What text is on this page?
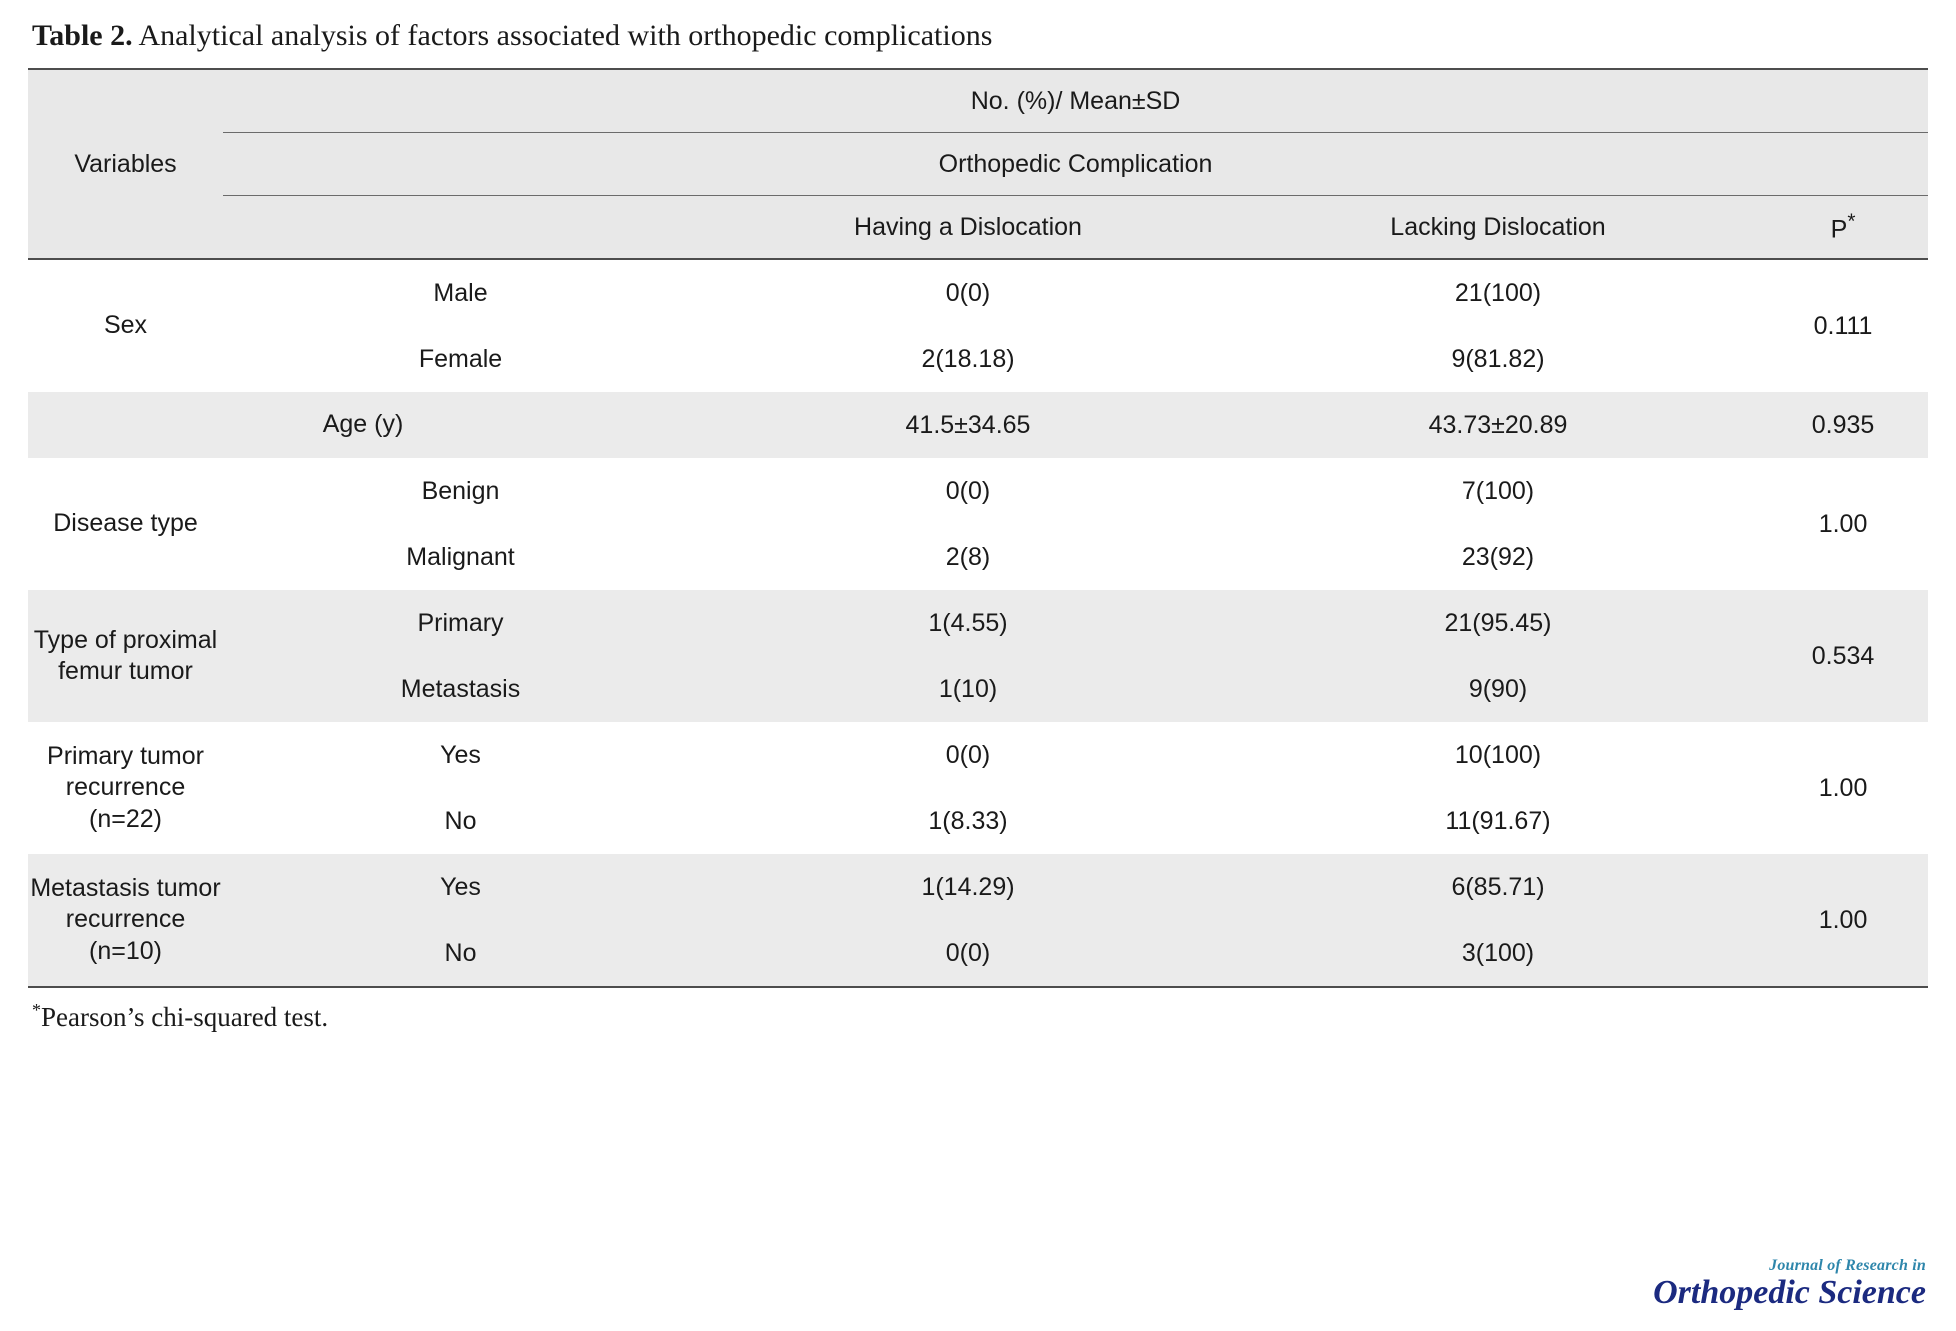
Table 2. Analytical analysis of factors associated with orthopedic complications
Variables	No. (%)/ Mean±SD			
	Orthopedic Complication			
		Having a Dislocation	Lacking Dislocation	P*
Sex	Male	0(0)	21(100)	0.111
	Female	2(18.18)	9(81.82)	
Age (y)		41.5±34.65	43.73±20.89	0.935
Disease type	Benign	0(0)	7(100)	1.00
	Malignant	2(8)	23(92)	
Type of proximal femur tumor	Primary	1(4.55)	21(95.45)	0.534
	Metastasis	1(10)	9(90)	
Primary tumor recurrence (n=22)	Yes	0(0)	10(100)	1.00
	No	1(8.33)	11(91.67)	
Metastasis tumor recurrence (n=10)	Yes	1(14.29)	6(85.71)	1.00
	No	0(0)	3(100)	
*Pearson’s chi-squared test.
Journal of Research in
Orthopedic Science
